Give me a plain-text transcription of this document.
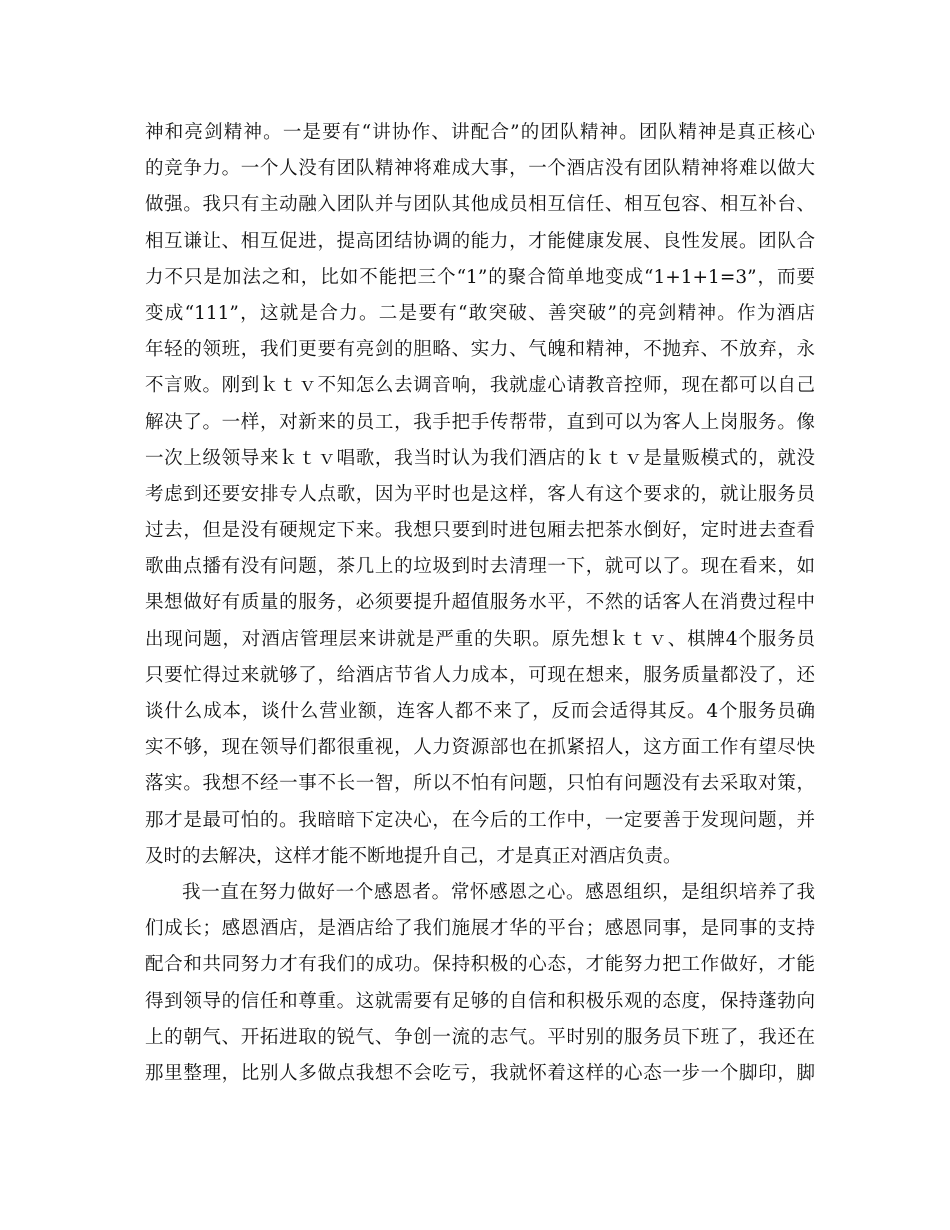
神和亮剑精神。一是要有“讲协作、讲配合”的团队精神。团队精神是真正核心
的竞争力。一个人没有团队精神将难成大事，一个酒店没有团队精神将难以做大
做强。我只有主动融入团队并与团队其他成员相互信任、相互包容、相互补台、
相互谦让、相互促进，提高团结协调的能力，才能健康发展、良性发展。团队合
力不只是加法之和，比如不能把三个“1”的聚合简单地变成“1+1+1=3”，而要
变成“111”，这就是合力。二是要有“敢突破、善突破”的亮剑精神。作为酒店
年轻的领班，我们更要有亮剑的胆略、实力、气魄和精神，不抛弃、不放弃，永
不言败。刚到ｋｔｖ不知怎么去调音响，我就虚心请教音控师，现在都可以自己
解决了。一样，对新来的员工，我手把手传帮带，直到可以为客人上岗服务。像
一次上级领导来ｋｔｖ唱歌，我当时认为我们酒店的ｋｔｖ是量贩模式的，就没
考虑到还要安排专人点歌，因为平时也是这样，客人有这个要求的，就让服务员
过去，但是没有硬规定下来。我想只要到时进包厢去把茶水倒好，定时进去查看
歌曲点播有没有问题，茶几上的垃圾到时去清理一下，就可以了。现在看来，如
果想做好有质量的服务，必须要提升超值服务水平，不然的话客人在消费过程中
出现问题，对酒店管理层来讲就是严重的失职。原先想ｋｔｖ、棋牌4个服务员
只要忙得过来就够了，给酒店节省人力成本，可现在想来，服务质量都没了，还
谈什么成本，谈什么营业额，连客人都不来了，反而会适得其反。4个服务员确
实不够，现在领导们都很重视，人力资源部也在抓紧招人，这方面工作有望尽快
落实。我想不经一事不长一智，所以不怕有问题，只怕有问题没有去采取对策，
那才是最可怕的。我暗暗下定决心，在今后的工作中，一定要善于发现问题，并
及时的去解决，这样才能不断地提升自己，才是真正对酒店负责。
我一直在努力做好一个感恩者。常怀感恩之心。感恩组织，是组织培养了我
们成长；感恩酒店，是酒店给了我们施展才华的平台；感恩同事，是同事的支持
配合和共同努力才有我们的成功。保持积极的心态，才能努力把工作做好，才能
得到领导的信任和尊重。这就需要有足够的自信和积极乐观的态度，保持蓬勃向
上的朝气、开拓进取的锐气、争创一流的志气。平时别的服务员下班了，我还在
那里整理，比别人多做点我想不会吃亏，我就怀着这样的心态一步一个脚印，脚
